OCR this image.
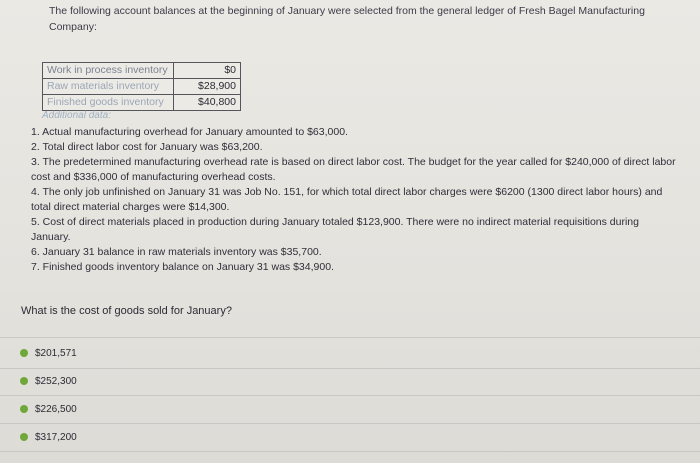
The following account balances at the beginning of January were selected from the general ledger of Fresh Bagel Manufacturing Company:
Work in process inventory	$0
Raw materials inventory	$28,900
Finished goods inventory	$40,800
Additional data:

1. Actual manufacturing overhead for January amounted to $63,000.

2. Total direct labor cost for January was $63,200.

3. The predetermined manufacturing overhead rate is based on direct labor cost. The budget for the year called for $240,000 of direct labor cost and $336,000 of manufacturing overhead costs.

4. The only job unfinished on January 31 was Job No. 151, for which total direct labor charges were $6200 (1300 direct labor hours) and total direct material charges were $14,300.

5. Cost of direct materials placed in production during January totaled $123,900. There were no indirect material requisitions during January.

6. January 31 balance in raw materials inventory was $35,700.

7. Finished goods inventory balance on January 31 was $34,900.

What is the cost of goods sold for January?
$201,571
$252,300
$226,500
$317,200
